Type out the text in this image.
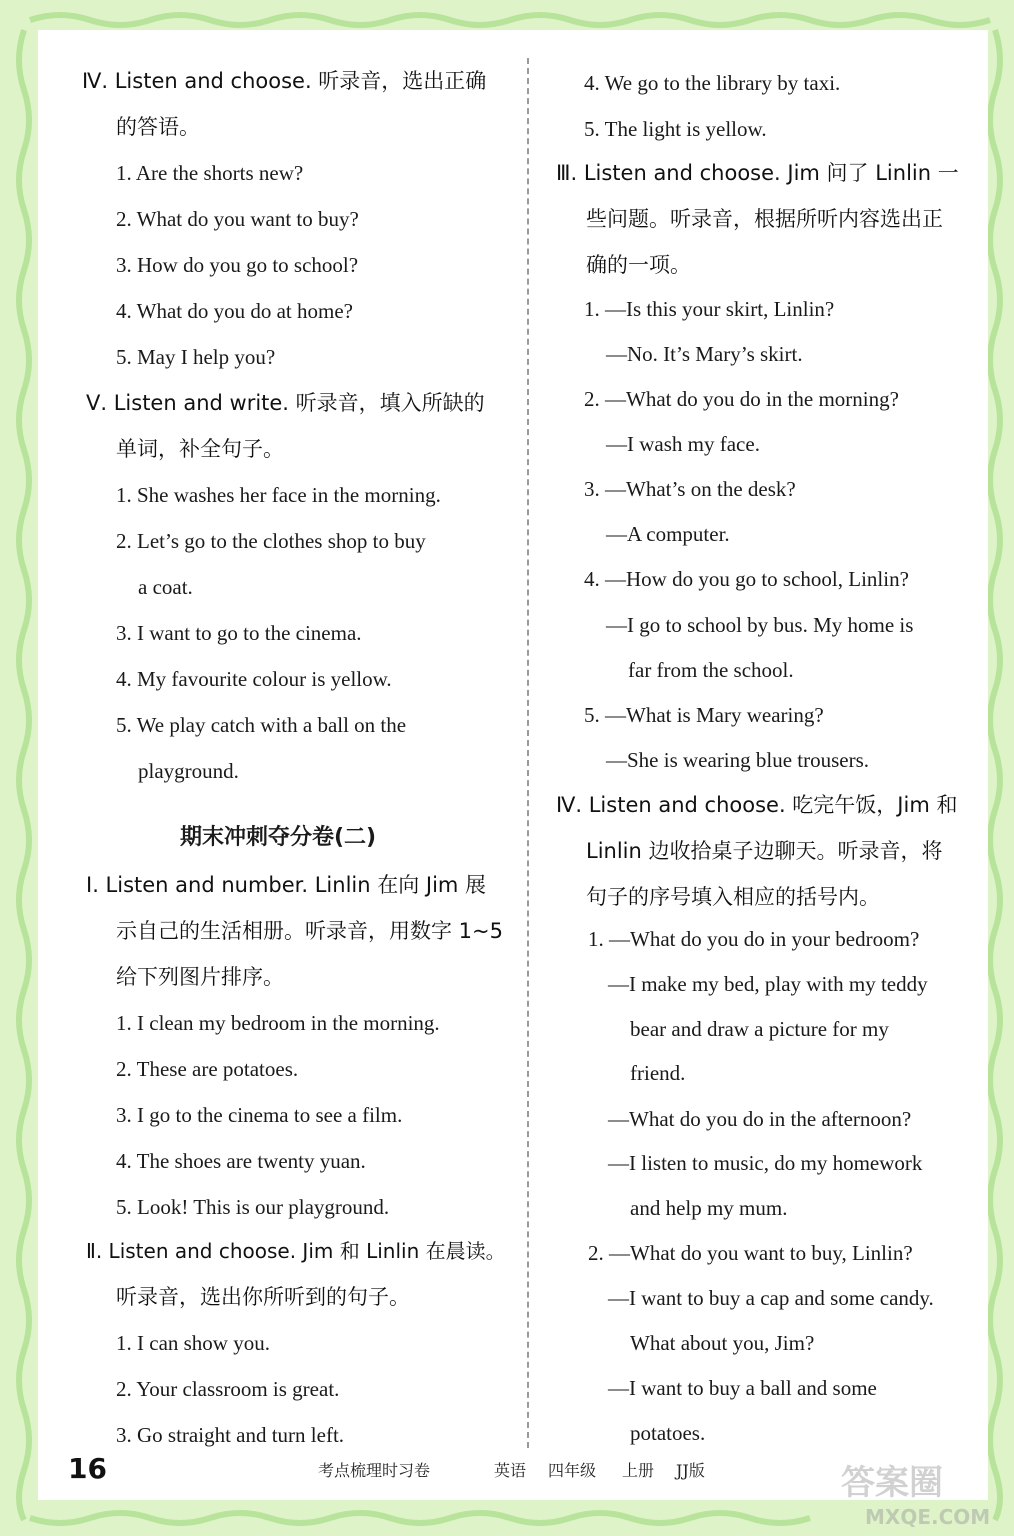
Ⅳ. Listen and choose. 听录音，选出正确
的答语。
1. Are the shorts new?
2. What do you want to buy?
3. How do you go to school?
4. What do you do at home?
5. May I help you?
Ⅴ. Listen and write. 听录音，填入所缺的
单词，补全句子。
1. She washes her face in the morning.
2. Let’s go to the clothes shop to buy
a coat.
3. I want to go to the cinema.
4. My favourite colour is yellow.
5. We play catch with a ball on the
playground.
期末冲刺夺分卷(二)
Ⅰ. Listen and number. Linlin 在向 Jim 展
示自己的生活相册。听录音，用数字 1~5
给下列图片排序。
1. I clean my bedroom in the morning.
2. These are potatoes.
3. I go to the cinema to see a film.
4. The shoes are twenty yuan.
5. Look! This is our playground.
Ⅱ. Listen and choose. Jim 和 Linlin 在晨读。
听录音，选出你所听到的句子。
1. I can show you.
2. Your classroom is great.
3. Go straight and turn left.
4. We go to the library by taxi.
5. The light is yellow.
Ⅲ. Listen and choose. Jim 问了 Linlin 一
些问题。听录音，根据所听内容选出正
确的一项。
1. —Is this your skirt, Linlin?
—No. It’s Mary’s skirt.
2. —What do you do in the morning?
—I wash my face.
3. —What’s on the desk?
—A computer.
4. —How do you go to school, Linlin?
—I go to school by bus. My home is
far from the school.
5. —What is Mary wearing?
—She is wearing blue trousers.
Ⅳ. Listen and choose. 吃完午饭，Jim 和
Linlin 边收拾桌子边聊天。听录音，将
句子的序号填入相应的括号内。
1. —What do you do in your bedroom?
—I make my bed, play with my teddy
bear and draw a picture for my
friend.
—What do you do in the afternoon?
—I listen to music, do my homework
and help my mum.
2. —What do you want to buy, Linlin?
—I want to buy a cap and some candy.
What about you, Jim?
—I want to buy a ball and some
potatoes.
16	考点梳理时习卷	英语 四年级 上册 JJ版	答案圈
MXQE.COM
